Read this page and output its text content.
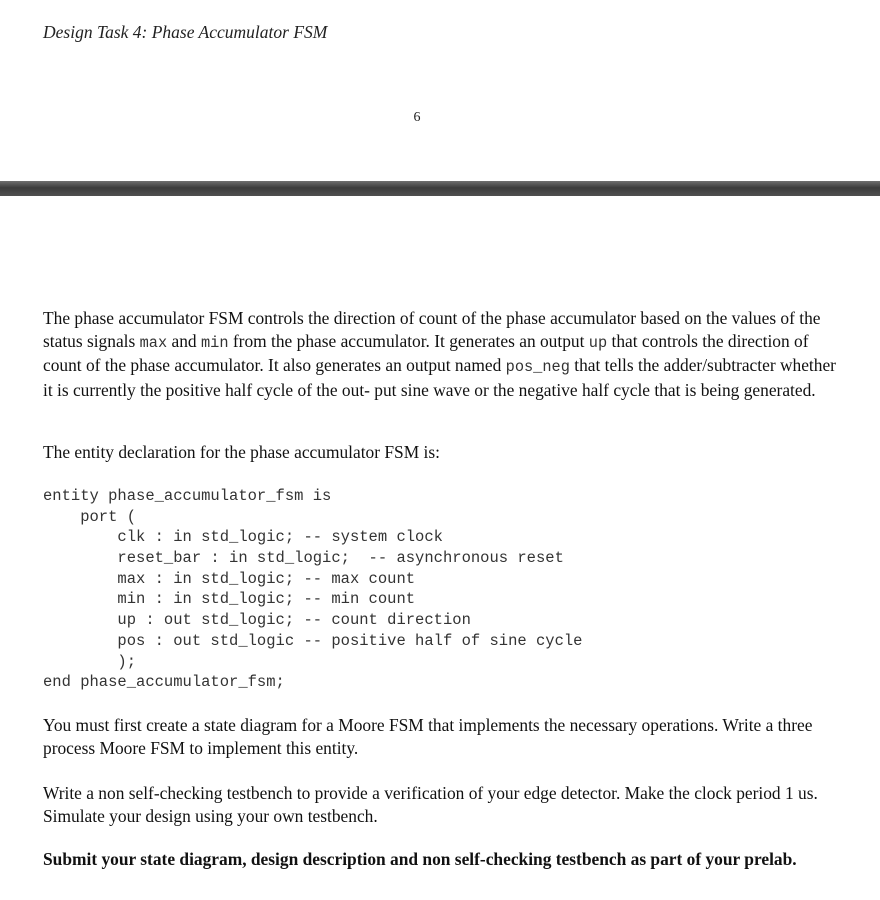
Design Task 4: Phase Accumulator FSM
6

The phase accumulator FSM controls the direction of count of the phase accumulator based on the values of the status signals max and min from the phase accumulator. It generates an output up that controls the direction of count of the phase accumulator. It also generates an output named pos_neg that tells the adder/subtracter whether it is currently the positive half cycle of the out- put sine wave or the negative half cycle that is being generated.

The entity declaration for the phase accumulator FSM is:

entity phase_accumulator_fsm is
port (
clk : in std_logic; -- system clock
reset_bar : in std_logic;  -- asynchronous reset
max : in std_logic; -- max count
min : in std_logic; -- min count
up : out std_logic; -- count direction
pos : out std_logic -- positive half of sine cycle
);
end phase_accumulator_fsm;

You must first create a state diagram for a Moore FSM that implements the necessary operations. Write a three process Moore FSM to implement this entity.

Write a non self-checking testbench to provide a verification of your edge detector. Make the clock period 1 us. Simulate your design using your own testbench.

Submit your state diagram, design description and non self-checking testbench as part of your prelab.
